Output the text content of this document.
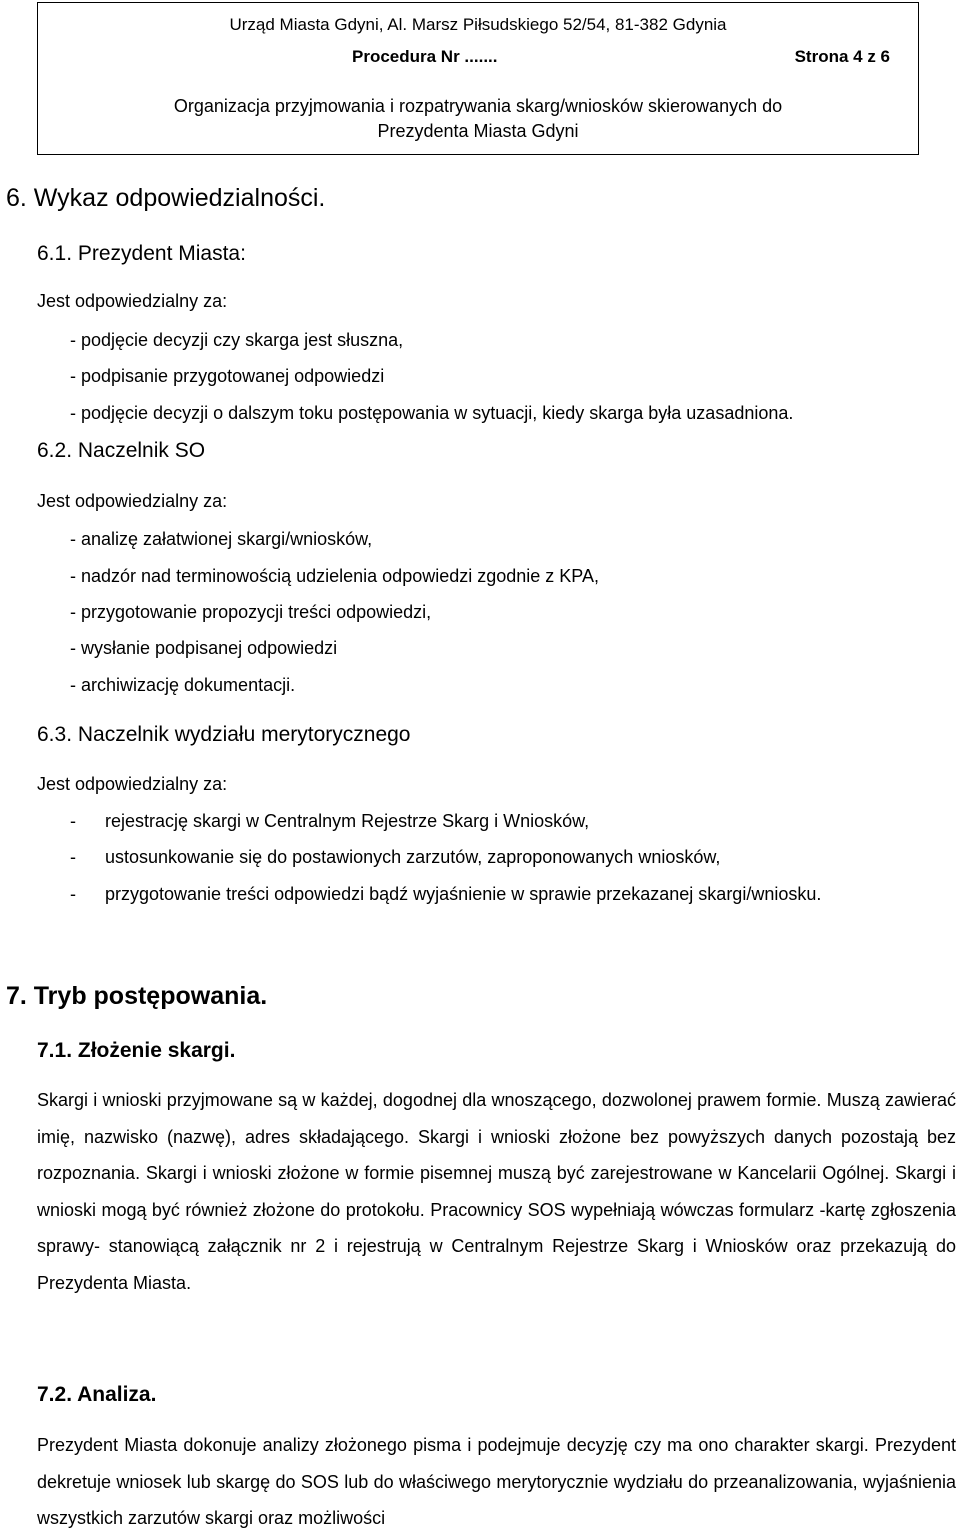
Urząd Miasta Gdyni, Al. Marsz Piłsudskiego 52/54, 81-382 Gdynia
Procedura Nr .......	Strona 4 z 6
Organizacja przyjmowania i rozpatrywania skarg/wniosków skierowanych do
Prezydenta Miasta Gdyni
6. Wykaz odpowiedzialności.
6.1. Prezydent Miasta:
Jest odpowiedzialny za:
- podjęcie decyzji czy skarga jest słuszna,
- podpisanie przygotowanej odpowiedzi
- podjęcie decyzji o dalszym toku postępowania w sytuacji, kiedy skarga była uzasadniona.
6.2. Naczelnik SO
Jest odpowiedzialny za:
- analizę załatwionej skargi/wniosków,
- nadzór nad terminowością udzielenia odpowiedzi zgodnie z KPA,
- przygotowanie propozycji treści odpowiedzi,
- wysłanie podpisanej odpowiedzi
- archiwizację dokumentacji.
6.3. Naczelnik wydziału merytorycznego
Jest odpowiedzialny za:
- rejestrację skargi w Centralnym Rejestrze Skarg i Wniosków,
- ustosunkowanie się do postawionych zarzutów, zaproponowanych wniosków,
- przygotowanie treści odpowiedzi bądź wyjaśnienie w sprawie przekazanej skargi/wniosku.
7. Tryb postępowania.
7.1. Złożenie skargi.
Skargi i wnioski przyjmowane są w każdej, dogodnej dla wnoszącego, dozwolonej prawem formie. Muszą zawierać imię, nazwisko (nazwę), adres składającego. Skargi i wnioski złożone bez powyższych danych pozostają bez rozpoznania. Skargi i wnioski złożone w formie pisemnej muszą być zarejestrowane w Kancelarii Ogólnej. Skargi i wnioski mogą być również złożone do protokołu. Pracownicy SOS wypełniają wówczas formularz -kartę zgłoszenia sprawy- stanowiącą załącznik nr 2 i rejestrują w Centralnym Rejestrze Skarg i Wniosków oraz przekazują do Prezydenta Miasta.
7.2. Analiza.
Prezydent Miasta dokonuje analizy złożonego pisma i podejmuje decyzję czy ma ono charakter skargi. Prezydent dekretuje wniosek lub skargę do SOS lub do właściwego merytorycznie wydziału do przeanalizowania, wyjaśnienia wszystkich zarzutów skargi oraz możliwości
